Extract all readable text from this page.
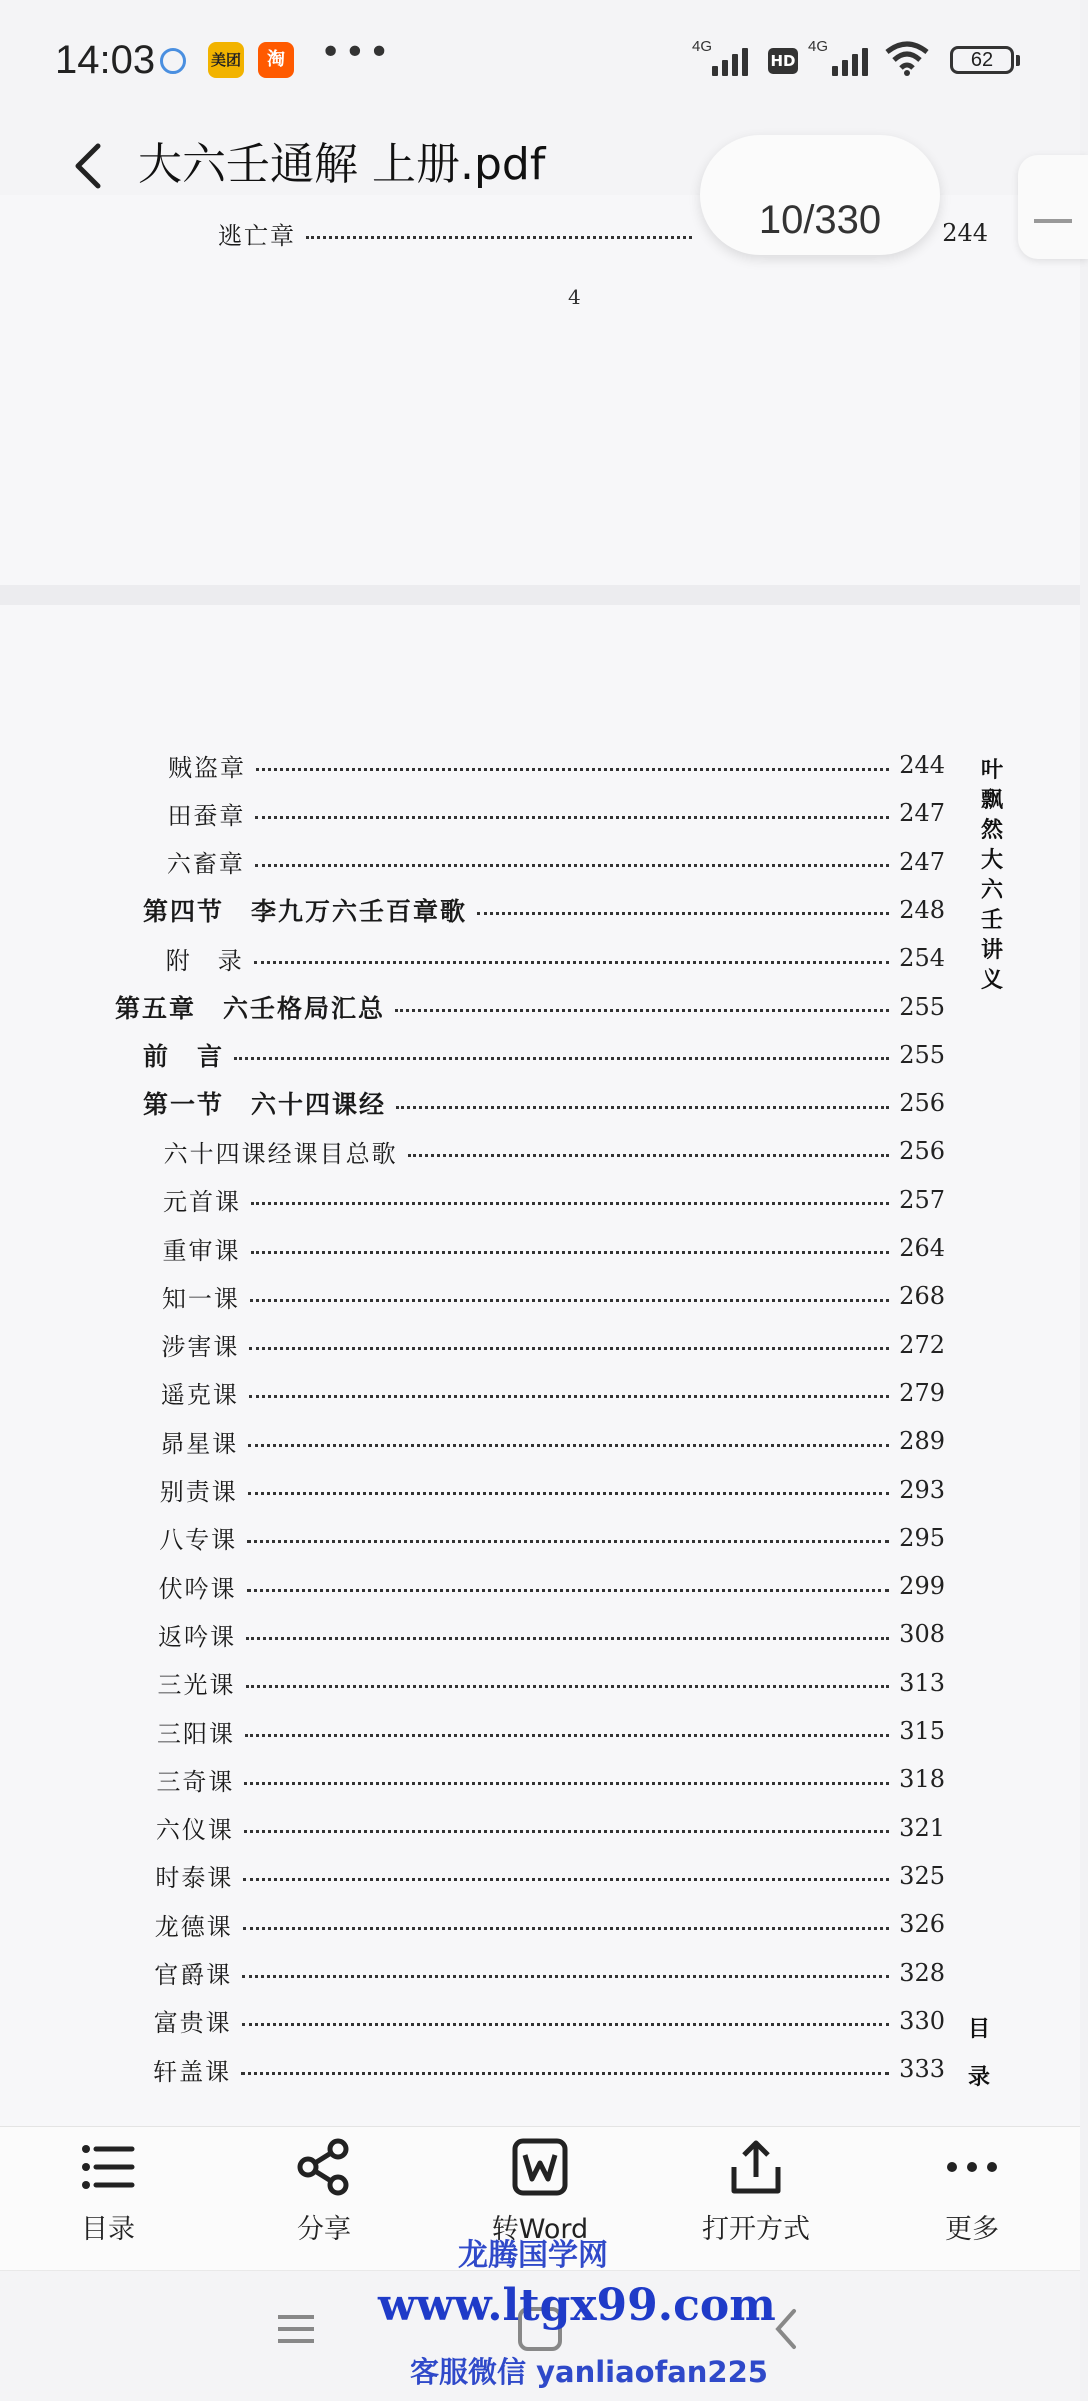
14:03	美团	淘 •••	4G
HD
4G
62
大六壬通解 上册.pdf
逃亡章	244
4
10/330
叶飘然大六壬讲义
目录
贼盗章	244
田蚕章	247
六畜章	247
第四节　李九万六壬百章歌	248
附　录	254
第五章　六壬格局汇总	255
前　言	255
第一节　六十四课经	256
六十四课经课目总歌	256
元首课	257
重审课	264
知一课	268
涉害课	272
遥克课	279
昴星课	289
别责课	293
八专课	295
伏吟课	299
返吟课	308
三光课	313
三阳课	315
三奇课	318
六仪课	321
时泰课	325
龙德课	326
官爵课	328
富贵课	330
轩盖课	333
目录	分享	转Word	打开方式	更多
龙腾国学网
www.ltgx99.com
客服微信 yanliaofan225
